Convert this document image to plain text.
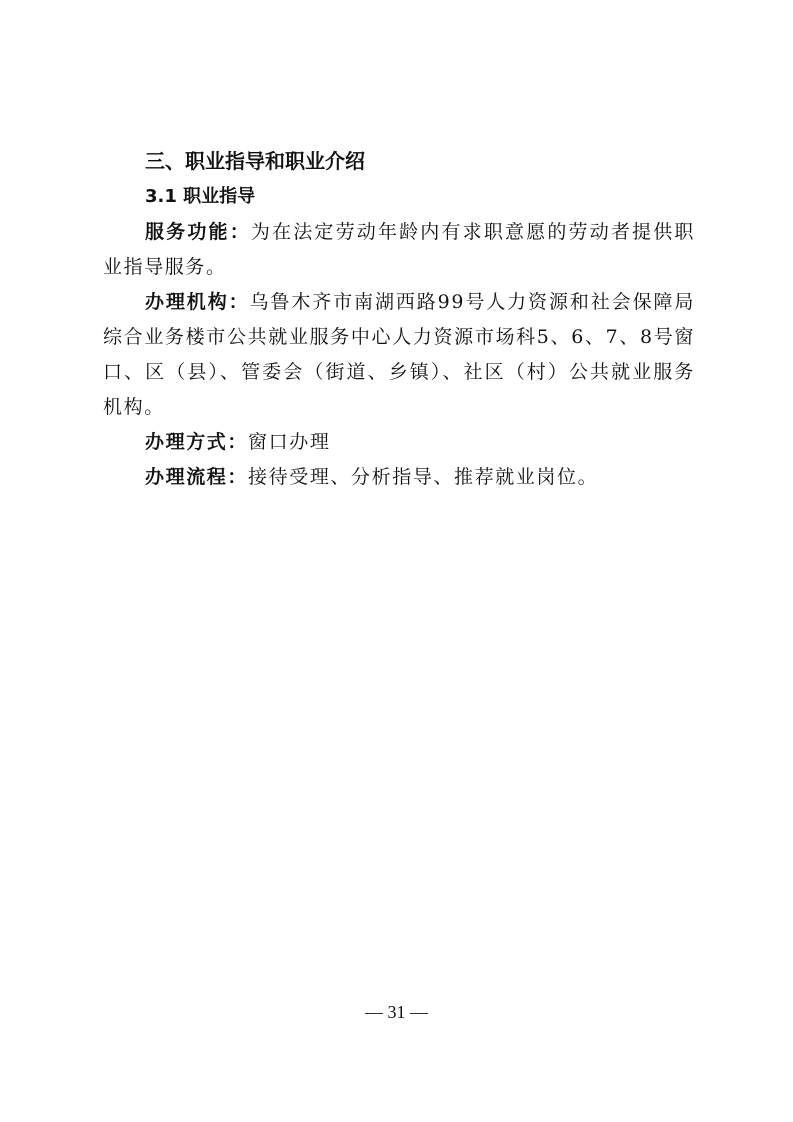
三、职业指导和职业介绍
3.1 职业指导

服务功能：为在法定劳动年龄内有求职意愿的劳动者提供职业指导服务。

办理机构：乌鲁木齐市南湖西路99号人力资源和社会保障局综合业务楼市公共就业服务中心人力资源市场科5、6、7、8号窗口、区（县）、管委会（街道、乡镇）、社区（村）公共就业服务机构。

办理方式：窗口办理

办理流程：接待受理、分析指导、推荐就业岗位。

— 31 —
